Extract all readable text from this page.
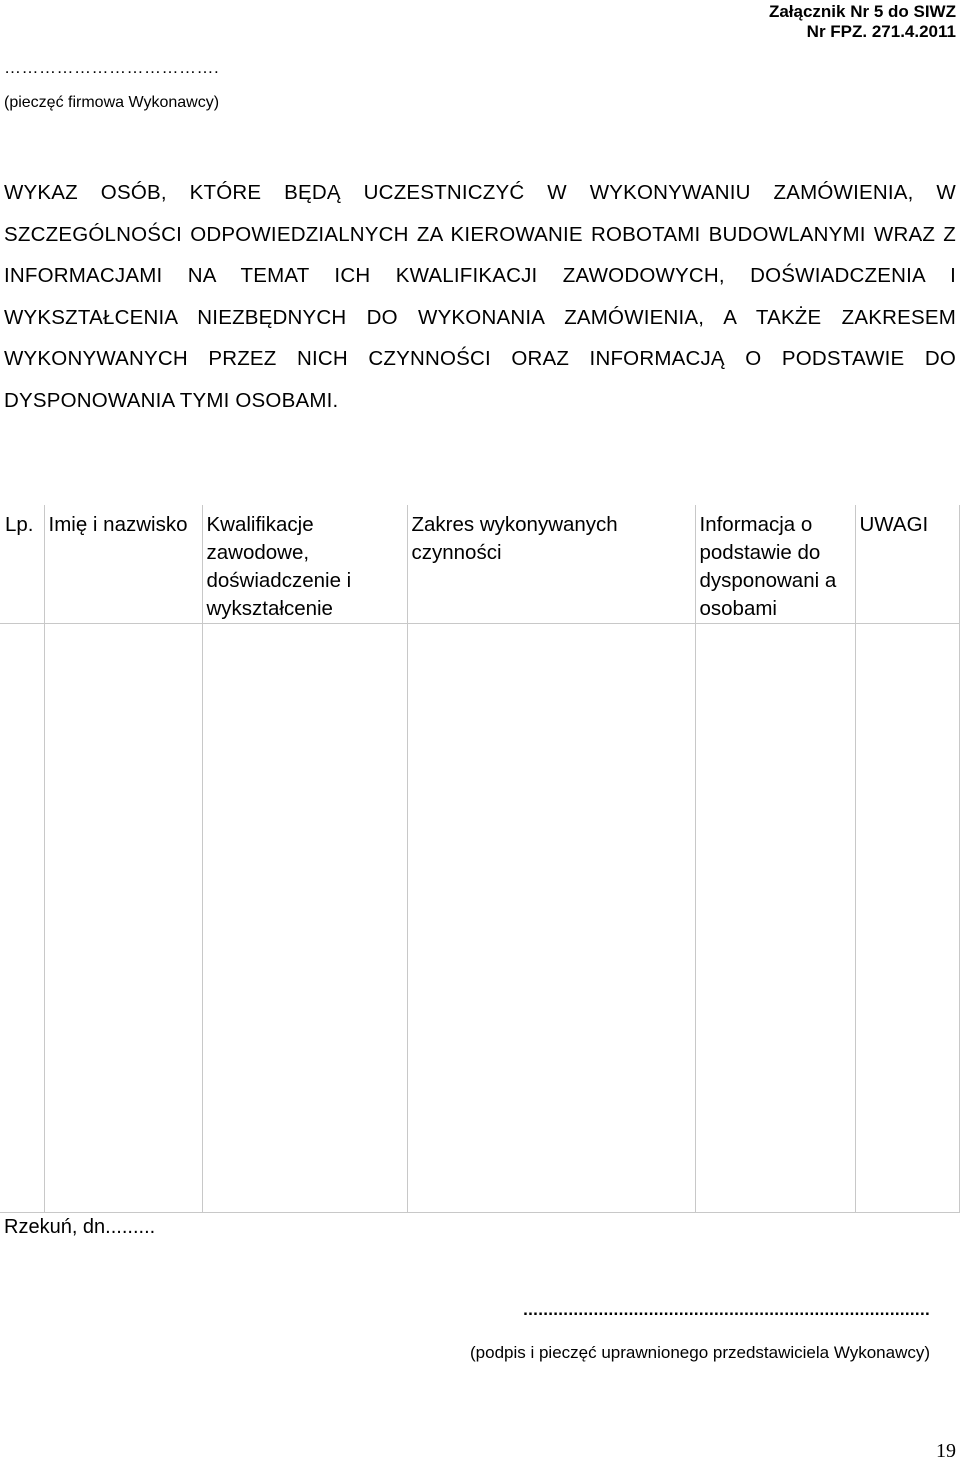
Załącznik Nr 5 do SIWZ
Nr FPZ. 271.4.2011
……………………………….
(pieczęć firmowa Wykonawcy)
WYKAZ OSÓB, KTÓRE BĘDĄ UCZESTNICZYĆ W WYKONYWANIU ZAMÓWIENIA, W SZCZEGÓLNOŚCI ODPOWIEDZIALNYCH ZA KIEROWANIE ROBOTAMI BUDOWLANYMI WRAZ Z INFORMACJAMI NA TEMAT ICH KWALIFIKACJI ZAWODOWYCH, DOŚWIADCZENIA I WYKSZTAŁCENIA NIEZBĘDNYCH DO WYKONANIA ZAMÓWIENIA, A TAKŻE ZAKRESEM WYKONYWANYCH PRZEZ NICH CZYNNOŚCI ORAZ INFORMACJĄ O PODSTAWIE DO DYSPONOWANIA TYMI OSOBAMI.
Lp.	Imię i nazwisko	Kwalifikacje zawodowe, doświadczenie i wykształcenie	Zakres wykonywanych czynności	Informacja o podstawie do dysponowani a osobami	UWAGI

Rzekuń, dn.........
.................................................................................
(podpis i pieczęć uprawnionego przedstawiciela Wykonawcy)
19
